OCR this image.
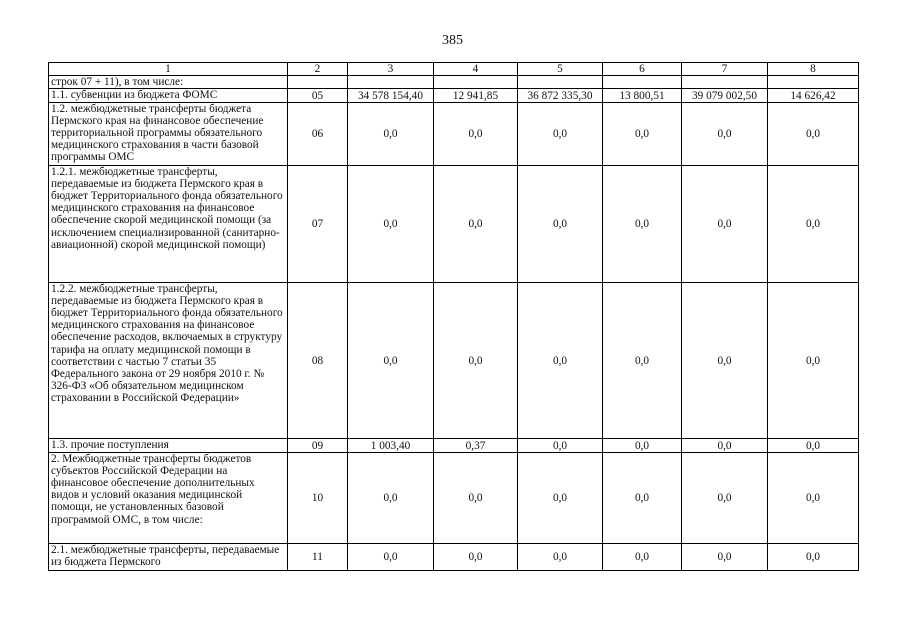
385
1	2	3	4	5	6	7	8
строк 07 + 11), в том числе:							
1.1. субвенции из бюджета ФОМС	05	34 578 154,40	12 941,85	36 872 335,30	13 800,51	39 079 002,50	14 626,42
1.2. межбюджетные трансферты бюджета Пермского края на финансовое обеспечение территориальной программы обязательного медицинского страхования в части базовой программы ОМС	06	0,0	0,0	0,0	0,0	0,0	0,0
1.2.1. межбюджетные трансферты, передаваемые из бюджета Пермского края в бюджет Территориального фонда обязательного медицинского страхования на финансовое обеспечение скорой медицинской помощи (за исключением специализированной (санитарно-авиационной) скорой медицинской помощи)	07	0,0	0,0	0,0	0,0	0,0	0,0
1.2.2. межбюджетные трансферты, передаваемые из бюджета Пермского края в бюджет Территориального фонда обязательного медицинского страхования на финансовое обеспечение расходов, включаемых в структуру тарифа на оплату медицинской помощи в соответствии с частью 7 статьи 35 Федерального закона от 29 ноября 2010 г. № 326-ФЗ «Об обязательном медицинском страховании в Российской Федерации»	08	0,0	0,0	0,0	0,0	0,0	0,0
1.3. прочие поступления	09	1 003,40	0,37	0,0	0,0	0,0	0,0
2. Межбюджетные трансферты бюджетов субъектов Российской Федерации на финансовое обеспечение дополнительных видов и условий оказания медицинской помощи, не установленных базовой программой ОМС, в том числе:	10	0,0	0,0	0,0	0,0	0,0	0,0
2.1. межбюджетные трансферты, передаваемые из бюджета Пермского	11	0,0	0,0	0,0	0,0	0,0	0,0
